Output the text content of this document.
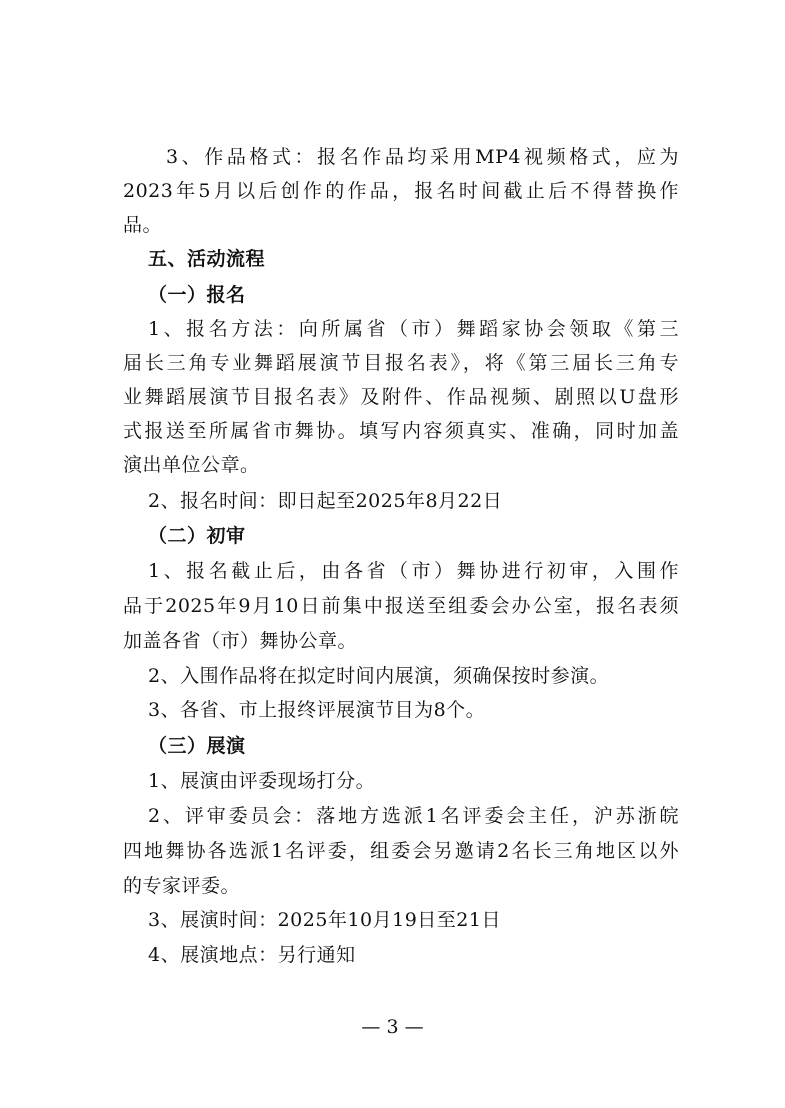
3、作品格式：报名作品均采用MP4视频格式，应为
2023年5月以后创作的作品，报名时间截止后不得替换作
品。
五、活动流程
（一）报名
1、报名方法：向所属省（市）舞蹈家协会领取《第三
届长三角专业舞蹈展演节目报名表》，将《第三届长三角专
业舞蹈展演节目报名表》及附件、作品视频、剧照以U盘形
式报送至所属省市舞协。填写内容须真实、准确，同时加盖
演出单位公章。
2、报名时间：即日起至2025年8月22日
（二）初审
1、报名截止后，由各省（市）舞协进行初审，入围作
品于2025年9月10日前集中报送至组委会办公室，报名表须
加盖各省（市）舞协公章。
2、入围作品将在拟定时间内展演，须确保按时参演。
3、各省、市上报终评展演节目为8个。
（三）展演
1、展演由评委现场打分。
2、评审委员会：落地方选派1名评委会主任，沪苏浙皖
四地舞协各选派1名评委，组委会另邀请2名长三角地区以外
的专家评委。
3、展演时间：2025年10月19日至21日
4、展演地点：另行通知
— 3 —
